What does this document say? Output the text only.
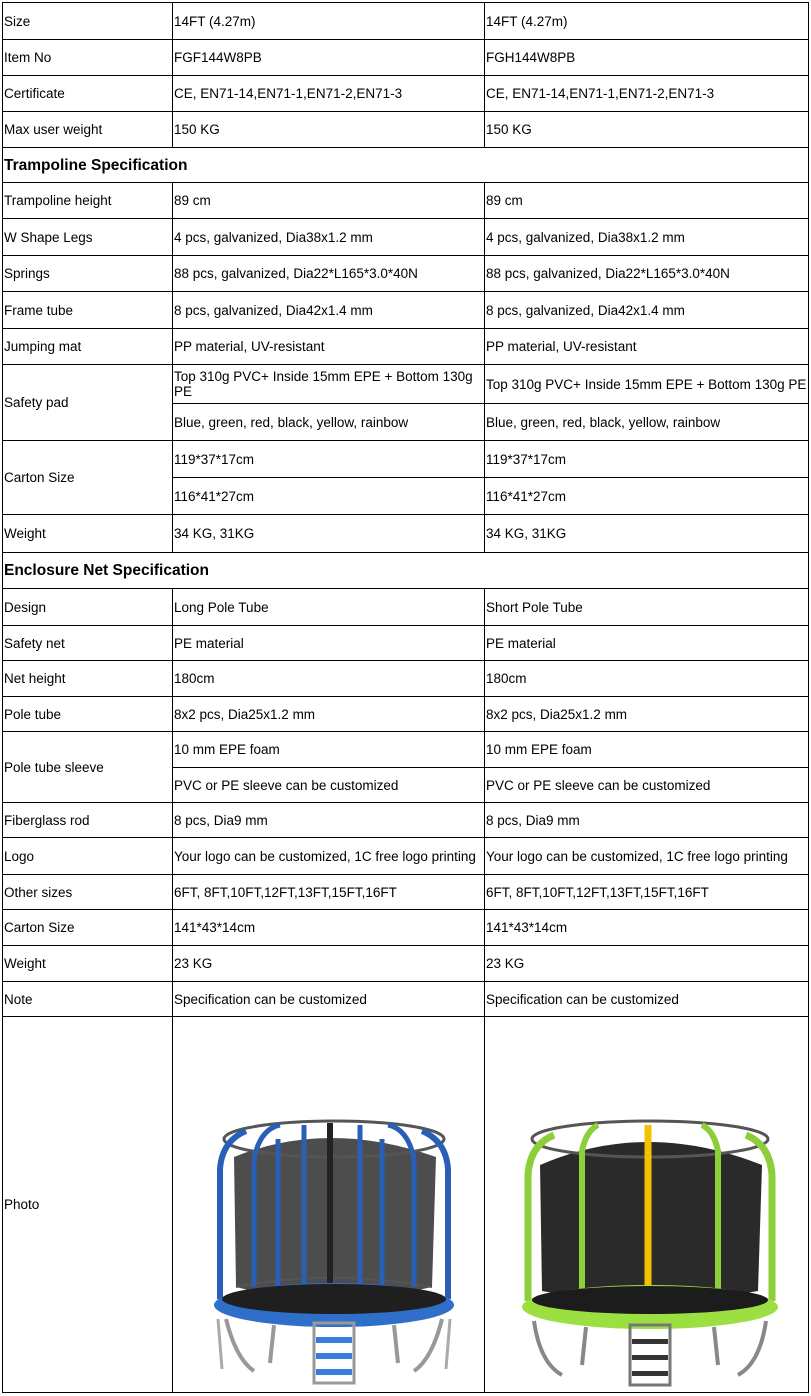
Size	14FT (4.27m)	14FT (4.27m)
Item No	FGF144W8PB	FGH144W8PB
Certificate	CE, EN71-14,EN71-1,EN71-2,EN71-3	CE, EN71-14,EN71-1,EN71-2,EN71-3
Max user weight	150 KG	150 KG
Trampoline Specification		
Trampoline height	89 cm	89 cm
W Shape Legs	4 pcs, galvanized, Dia38x1.2 mm	4 pcs, galvanized, Dia38x1.2 mm
Springs	88 pcs, galvanized, Dia22*L165*3.0*40N	88 pcs, galvanized, Dia22*L165*3.0*40N
Frame tube	8 pcs, galvanized, Dia42x1.4 mm	8 pcs, galvanized, Dia42x1.4 mm
Jumping mat	PP material, UV-resistant	PP material, UV-resistant
Safety pad	Top 310g PVC+ Inside 15mm EPE + Bottom 130g PE	Top 310g PVC+ Inside 15mm EPE + Bottom 130g PE
	Blue, green, red, black, yellow, rainbow	Blue, green, red, black, yellow, rainbow
Carton Size	119*37*17cm	119*37*17cm
	116*41*27cm	116*41*27cm
Weight	34 KG, 31KG	34 KG, 31KG
Enclosure Net Specification		
Design	Long Pole Tube	Short Pole Tube
Safety net	PE material	PE material
Net height	180cm	180cm
Pole tube	8x2 pcs, Dia25x1.2 mm	8x2 pcs, Dia25x1.2 mm
Pole tube sleeve	10 mm EPE foam	10 mm EPE foam
	PVC or PE sleeve can be customized	PVC or PE sleeve can be customized
Fiberglass rod	8 pcs, Dia9 mm	8 pcs, Dia9 mm
Logo	Your logo can be customized, 1C free logo printing	Your logo can be customized, 1C free logo printing
Other sizes	6FT, 8FT,10FT,12FT,13FT,15FT,16FT	6FT, 8FT,10FT,12FT,13FT,15FT,16FT
Carton Size	141*43*14cm	141*43*14cm
Weight	23 KG	23 KG
Note	Specification can be customized	Specification can be customized
Photo	
